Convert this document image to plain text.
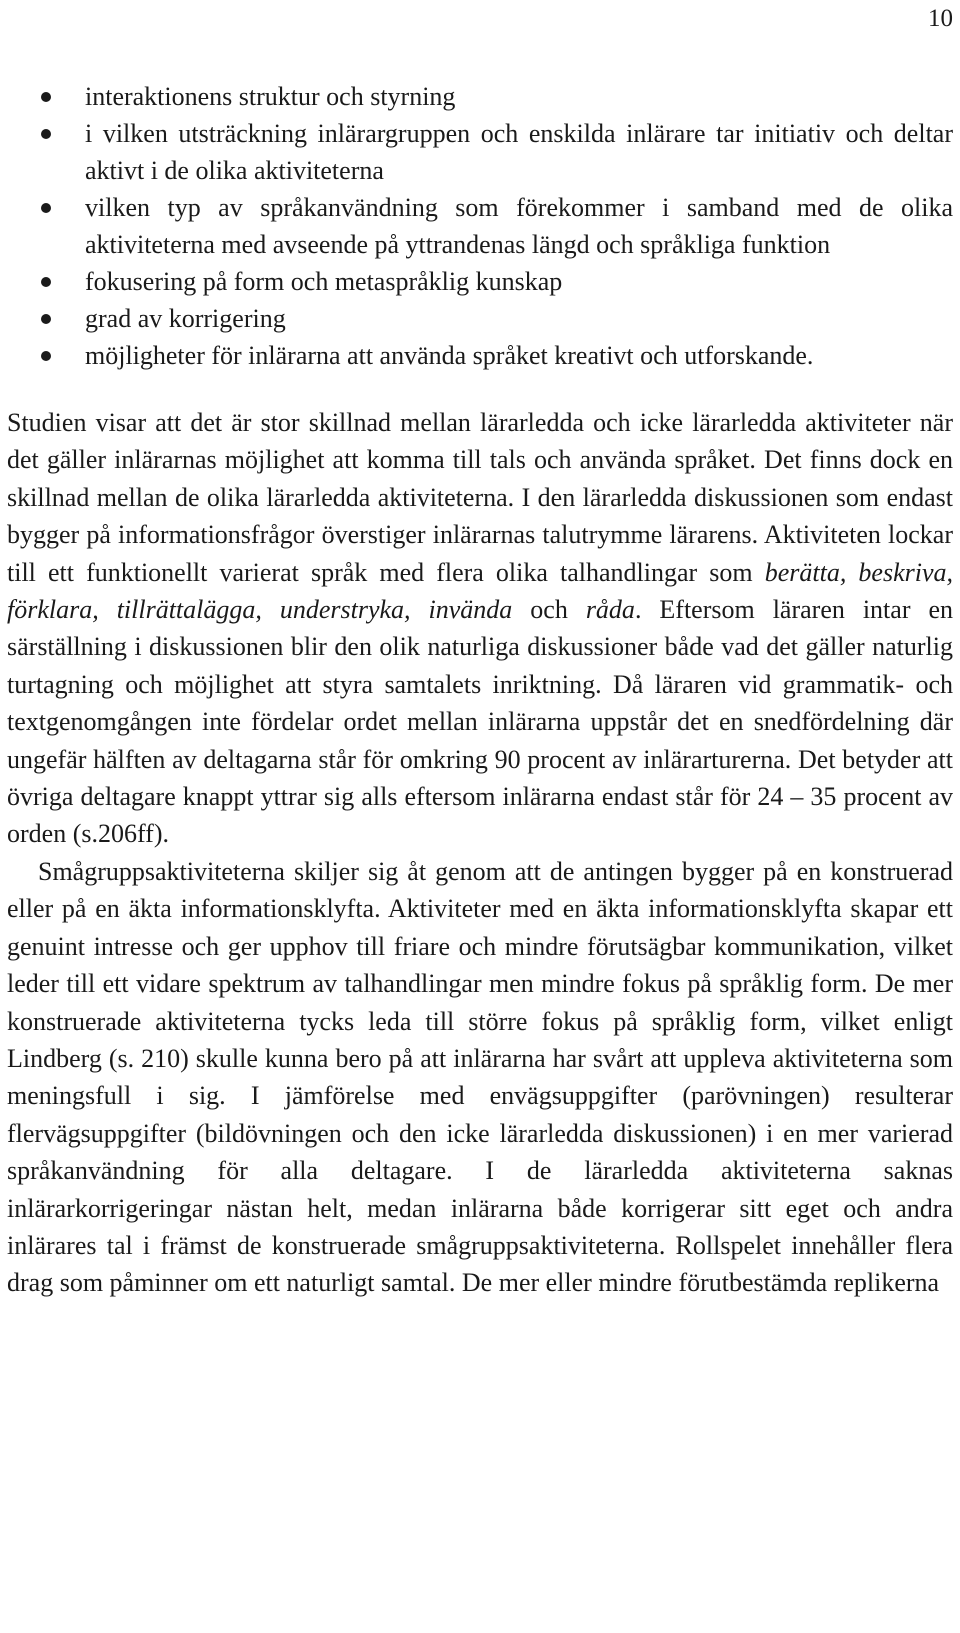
10
interaktionens struktur och styrning
i vilken utsträckning inlärargruppen och enskilda inlärare tar initiativ och deltar aktivt i de olika aktiviteterna
vilken typ av språkanvändning som förekommer i samband med de olika aktiviteterna med avseende på yttrandenas längd och språkliga funktion
fokusering på form och metaspråklig kunskap
grad av korrigering
möjligheter för inlärarna att använda språket kreativt och utforskande.

Studien visar att det är stor skillnad mellan lärarledda och icke lärarledda aktiviteter när det gäller inlärarnas möjlighet att komma till tals och använda språket. Det finns dock en skillnad mellan de olika lärarledda aktiviteterna. I den lärarledda diskussionen som endast bygger på informationsfrågor överstiger inlärarnas talutrymme lärarens. Aktiviteten lockar till ett funktionellt varierat språk med flera olika talhandlingar som berätta, beskriva, förklara, tillrättalägga, understryka, invända och råda. Eftersom läraren intar en särställning i diskussionen blir den olik naturliga diskussioner både vad det gäller naturlig turtagning och möjlighet att styra samtalets inriktning. Då läraren vid grammatik- och textgenomgången inte fördelar ordet mellan inlärarna uppstår det en snedfördelning där ungefär hälften av deltagarna står för omkring 90 procent av inlärarturerna. Det betyder att övriga deltagare knappt yttrar sig alls eftersom inlärarna endast står för 24 – 35 procent av orden (s.206ff).

Smågruppsaktiviteterna skiljer sig åt genom att de antingen bygger på en konstruerad eller på en äkta informationsklyfta. Aktiviteter med en äkta informationsklyfta skapar ett genuint intresse och ger upphov till friare och mindre förutsägbar kommunikation, vilket leder till ett vidare spektrum av talhandlingar men mindre fokus på språklig form. De mer konstruerade aktiviteterna tycks leda till större fokus på språklig form, vilket enligt Lindberg (s. 210) skulle kunna bero på att inlärarna har svårt att uppleva aktiviteterna som meningsfull i sig. I jämförelse med envägsuppgifter (parövningen) resulterar flervägsuppgifter (bildövningen och den icke lärarledda diskussionen) i en mer varierad språkanvändning för alla deltagare. I de lärarledda aktiviteterna saknas inlärarkorrigeringar nästan helt, medan inlärarna både korrigerar sitt eget och andra inlärares tal i främst de konstruerade smågruppsaktiviteterna. Rollspelet innehåller flera drag som påminner om ett naturligt samtal. De mer eller mindre förutbestämda replikerna
